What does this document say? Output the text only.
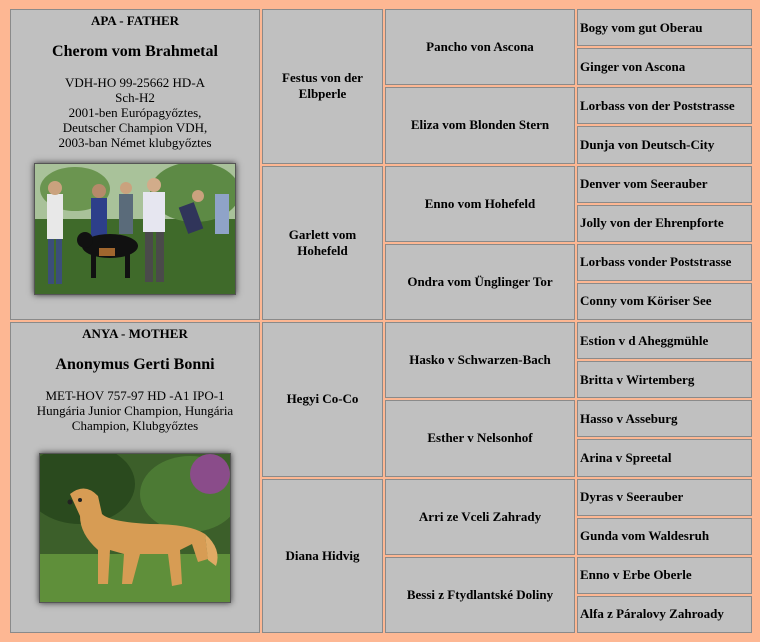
APA - FATHER
Cherom vom Brahmetal
VDH-HO 99-25662 HD-A
Sch-H2
2001-ben Európagyőztes,
Deutscher Champion VDH,
2003-ban Német klubgyőztes
Festus von der Elbperle
Garlett vom Hohefeld
Pancho von Ascona
Eliza vom Blonden Stern
Enno vom Hohefeld
Ondra vom Ünglinger Tor
Bogy vom gut Oberau
Ginger von Ascona
Lorbass von der Poststrasse
Dunja von Deutsch-City
Denver vom Seerauber
Jolly von der Ehrenpforte
Lorbass vonder Poststrasse
Conny vom Köriser See
ANYA - MOTHER
Anonymus Gerti Bonni
MET-HOV 757-97 HD -A1 IPO-1
Hungária Junior Champion, Hungária
Champion, Klubgyőztes
Hegyi Co-Co
Diana Hidvig
Hasko v Schwarzen-Bach
Esther v Nelsonhof
Arri ze Vceli Zahrady
Bessi z Ftydlantské Doliny
Estion v d Aheggmühle
Britta v Wirtemberg
Hasso v Asseburg
Arina v Spreetal
Dyras v Seerauber
Gunda vom Waldesruh
Enno v Erbe Oberle
Alfa z Páralovy Zahroady
